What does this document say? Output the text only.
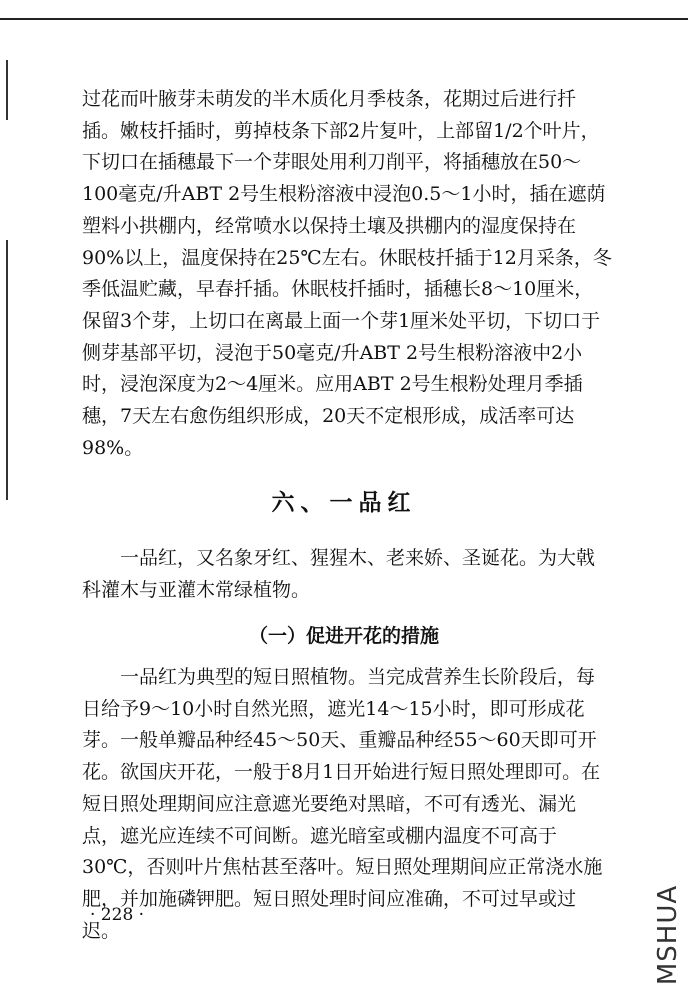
过花而叶腋芽未萌发的半木质化月季枝条，花期过后进行扦插。嫩枝扦插时，剪掉枝条下部2片复叶，上部留1/2个叶片，下切口在插穗最下一个芽眼处用利刀削平，将插穗放在50～100毫克/升ABT 2号生根粉溶液中浸泡0.5～1小时，插在遮荫塑料小拱棚内，经常喷水以保持土壤及拱棚内的湿度保持在90%以上，温度保持在25℃左右。休眠枝扦插于12月采条，冬季低温贮藏，早春扦插。休眠枝扦插时，插穗长8～10厘米，保留3个芽，上切口在离最上面一个芽1厘米处平切，下切口于侧芽基部平切，浸泡于50毫克/升ABT 2号生根粉溶液中2小时，浸泡深度为2～4厘米。应用ABT 2号生根粉处理月季插穗，7天左右愈伤组织形成，20天不定根形成，成活率可达98%。

六、一品红

一品红，又名象牙红、猩猩木、老来娇、圣诞花。为大戟科灌木与亚灌木常绿植物。

（一）促进开花的措施

一品红为典型的短日照植物。当完成营养生长阶段后，每日给予9～10小时自然光照，遮光14～15小时，即可形成花芽。一般单瓣品种经45～50天、重瓣品种经55～60天即可开花。欲国庆开花，一般于8月1日开始进行短日照处理即可。在短日照处理期间应注意遮光要绝对黑暗，不可有透光、漏光点，遮光应连续不可间断。遮光暗室或棚内温度不可高于30℃，否则叶片焦枯甚至落叶。短日照处理期间应正常浇水施肥，并加施磷钾肥。短日照处理时间应准确，不可过早或过迟。

· 228 ·	MSHUA
